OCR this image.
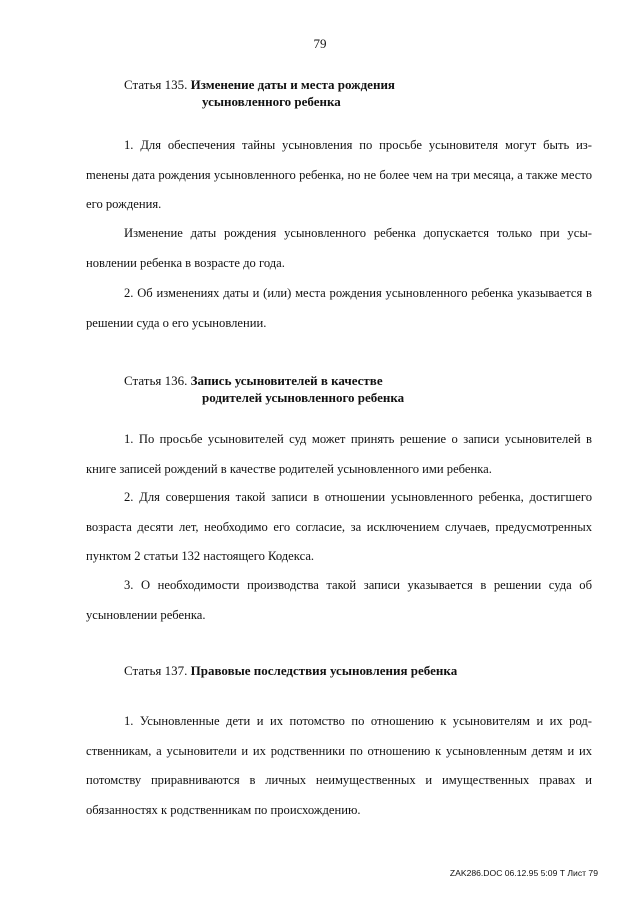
79
Статья 135. Изменение даты и места рождения
усыновленного ребенка

1. Для обеспечения тайны усыновления по просьбе усыновителя могут быть изmенены дата рождения усыновленного ребенка, но не более чем на три месяца, а также место его рождения.

Изменение даты рождения усыновленного ребенка допускается только при усыновлении ребенка в возрасте до года.

2. Об изменениях даты и (или) места рождения усыновленного ребенка указывается в решении суда о его усыновлении.

Статья 136. Запись усыновителей в качестве
родителей усыновленного ребенка

1. По просьбе усыновителей суд может принять решение о записи усыновителей в книге записей рождений в качестве родителей усыновленного ими ребенка.

2. Для совершения такой записи в отношении усыновленного ребенка, достигшего возраста десяти лет, необходимо его согласие, за исключением случаев, предусмотренных пунктом 2 статьи 132 настоящего Кодекса.

3. О необходимости производства такой записи указывается в решении суда об усыновлении ребенка.

Статья 137. Правовые последствия усыновления ребенка

1. Усыновленные дети и их потомство по отношению к усыновителям и их родственникам, а усыновители и их родственники по отношению к усыновленным детям и их потомству приравниваются в личных неимущественных и имущественных правах и обязанностях к родственникам по происхождению.

ZAK286.DOC 06.12.95 5:09 Т Лист 79
